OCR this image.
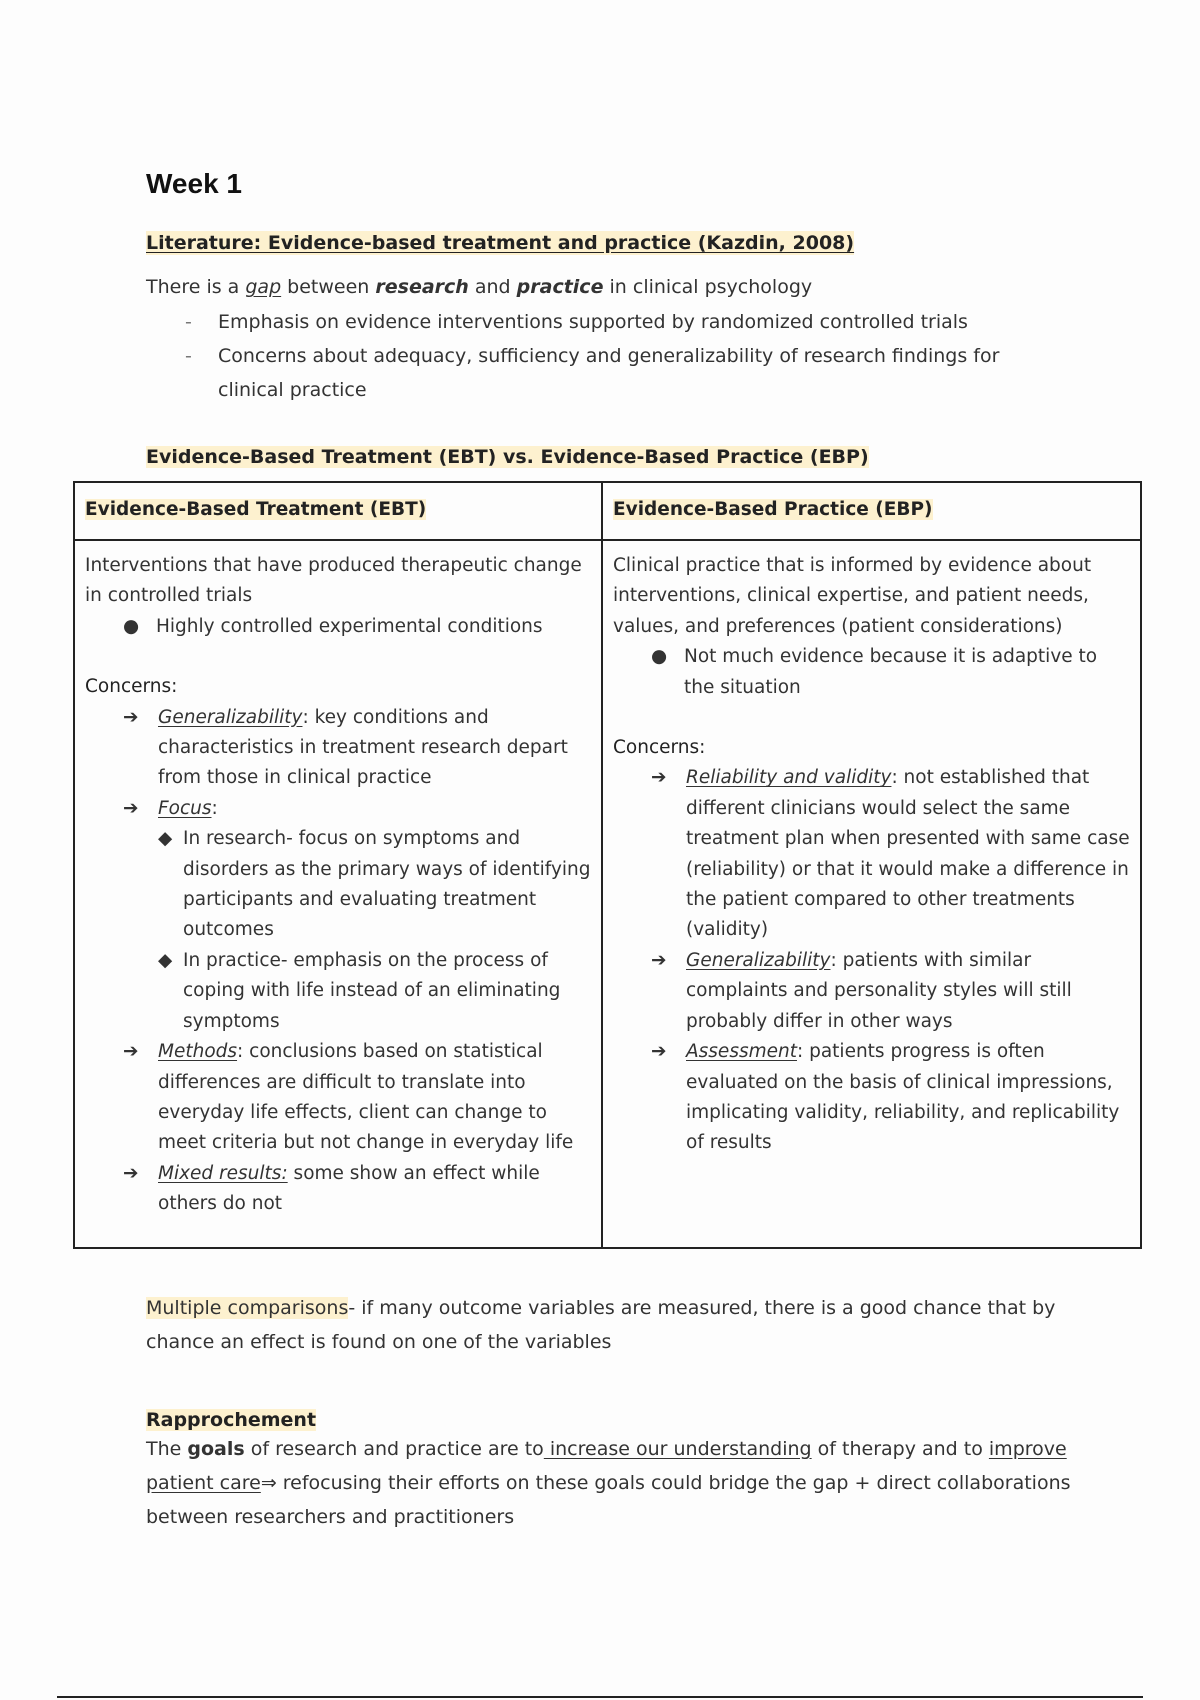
Week 1
Literature: Evidence-based treatment and practice (Kazdin, 2008)
There is a gap between research and practice in clinical psychology
- Emphasis on evidence interventions supported by randomized controlled trials
- Concerns about adequacy, sufficiency and generalizability of research findings for clinical practice
Evidence-Based Treatment (EBT) vs. Evidence-Based Practice (EBP)
Evidence-Based Treatment (EBT)	Evidence-Based Practice (EBP)

Interventions that have produced therapeutic change in controlled trials
● Highly controlled experimental conditions
Concerns:
➔ Generalizability: key conditions and characteristics in treatment research depart from those in clinical practice
➔ Focus:
◆ In research- focus on symptoms and disorders as the primary ways of identifying participants and evaluating treatment outcomes
◆ In practice- emphasis on the process of coping with life instead of an eliminating symptoms
➔ Methods: conclusions based on statistical differences are difficult to translate into everyday life effects, client can change to meet criteria but not change in everyday life
➔ Mixed results: some show an effect while others do not

Clinical practice that is informed by evidence about interventions, clinical expertise, and patient needs, values, and preferences (patient considerations)
● Not much evidence because it is adaptive to the situation
Concerns:
➔ Reliability and validity: not established that different clinicians would select the same treatment plan when presented with same case (reliability) or that it would make a difference in the patient compared to other treatments (validity)
➔ Generalizability: patients with similar complaints and personality styles will still probably differ in other ways
➔ Assessment: patients progress is often evaluated on the basis of clinical impressions, implicating validity, reliability, and replicability of results
Multiple comparisons- if many outcome variables are measured, there is a good chance that by chance an effect is found on one of the variables
Rapprochement
The goals of research and practice are to increase our understanding of therapy and to improve patient care⇒ refocusing their efforts on these goals could bridge the gap + direct collaborations between researchers and practitioners
